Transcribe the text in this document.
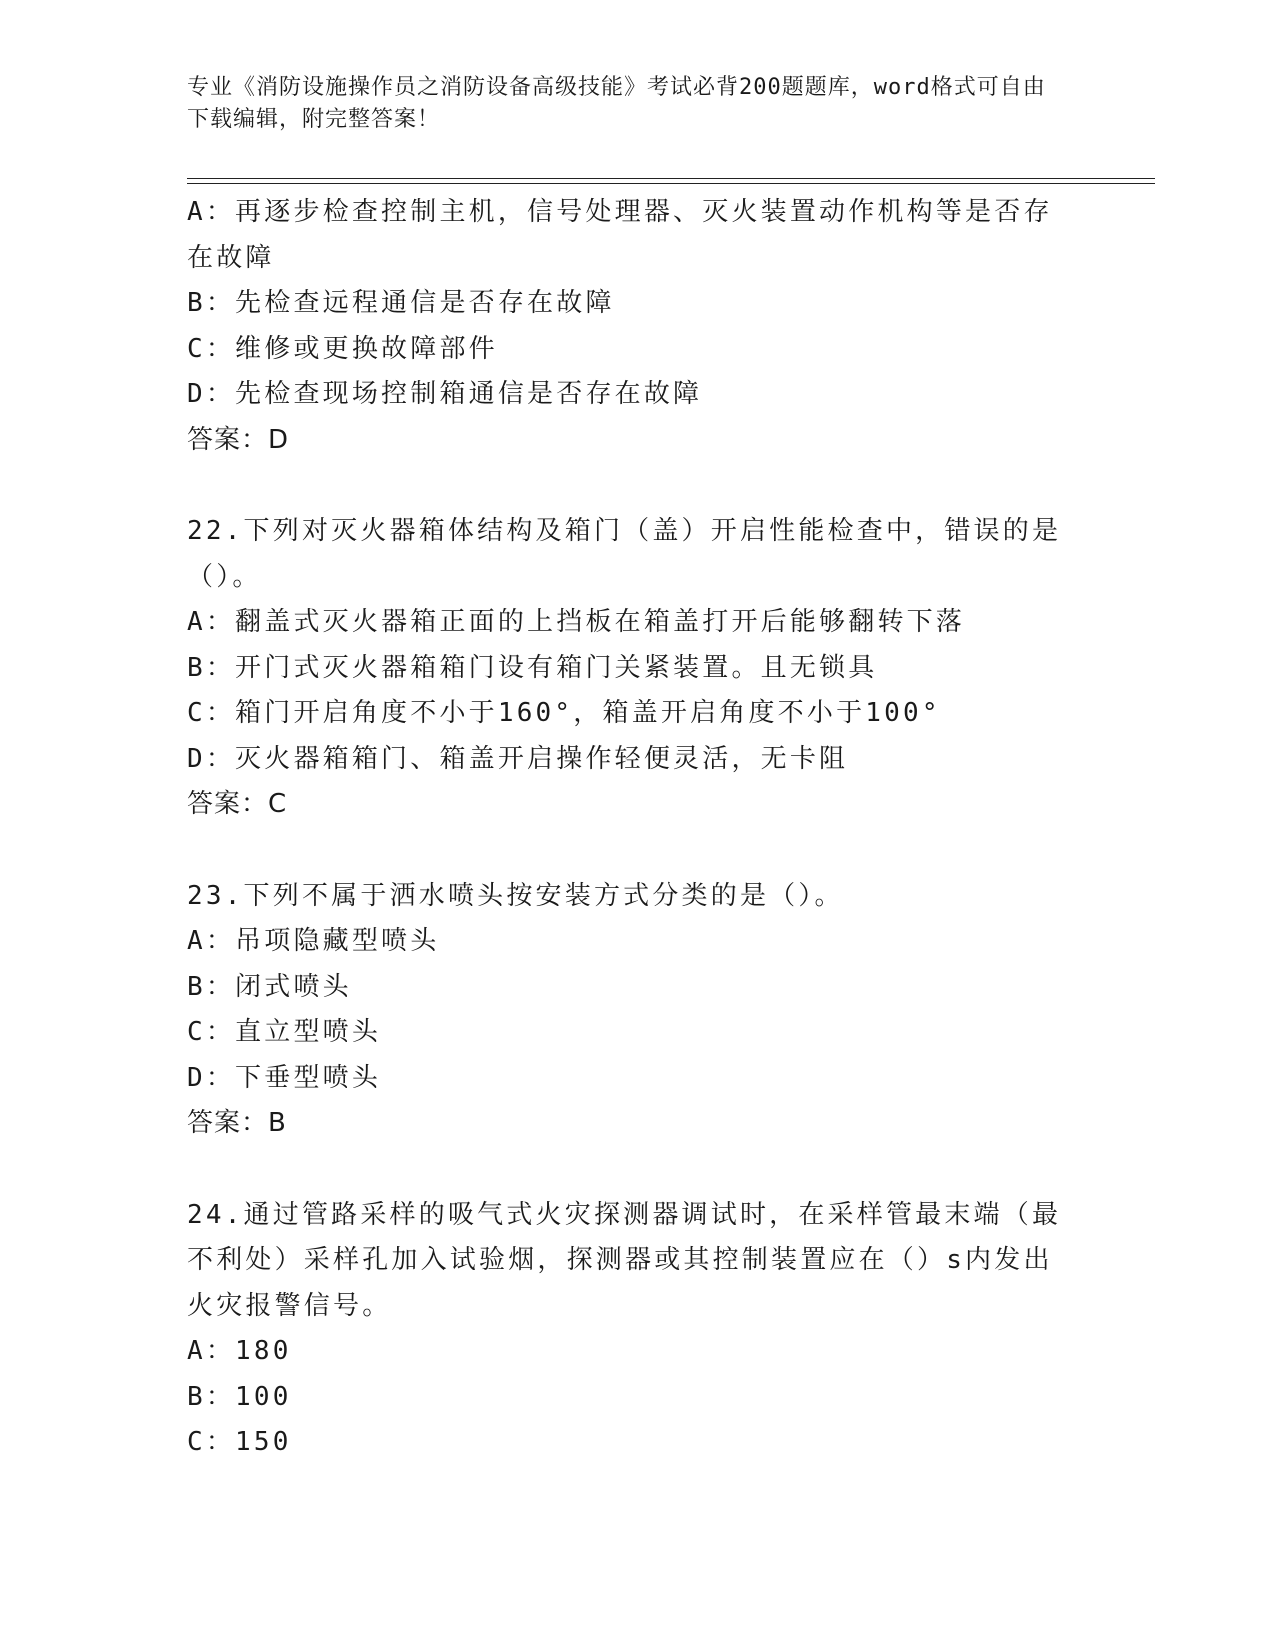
专业《消防设施操作员之消防设备高级技能》考试必背200题题库，word格式可自由下载编辑，附完整答案！
A：再逐步检查控制主机，信号处理器、灭火装置动作机构等是否存在故障
B：先检查远程通信是否存在故障
C：维修或更换故障部件
D：先检查现场控制箱通信是否存在故障
答案：D
22.下列对灭火器箱体结构及箱门（盖）开启性能检查中，错误的是（）。
A：翻盖式灭火器箱正面的上挡板在箱盖打开后能够翻转下落
B：开门式灭火器箱箱门设有箱门关紧装置。且无锁具
C：箱门开启角度不小于160°，箱盖开启角度不小于100°
D：灭火器箱箱门、箱盖开启操作轻便灵活，无卡阻
答案：C
23.下列不属于洒水喷头按安装方式分类的是（）。
A：吊项隐藏型喷头
B：闭式喷头
C：直立型喷头
D：下垂型喷头
答案：B
24.通过管路采样的吸气式火灾探测器调试时，在采样管最末端（最不利处）采样孔加入试验烟，探测器或其控制装置应在（）s内发出火灾报警信号。
A：180
B：100
C：150
